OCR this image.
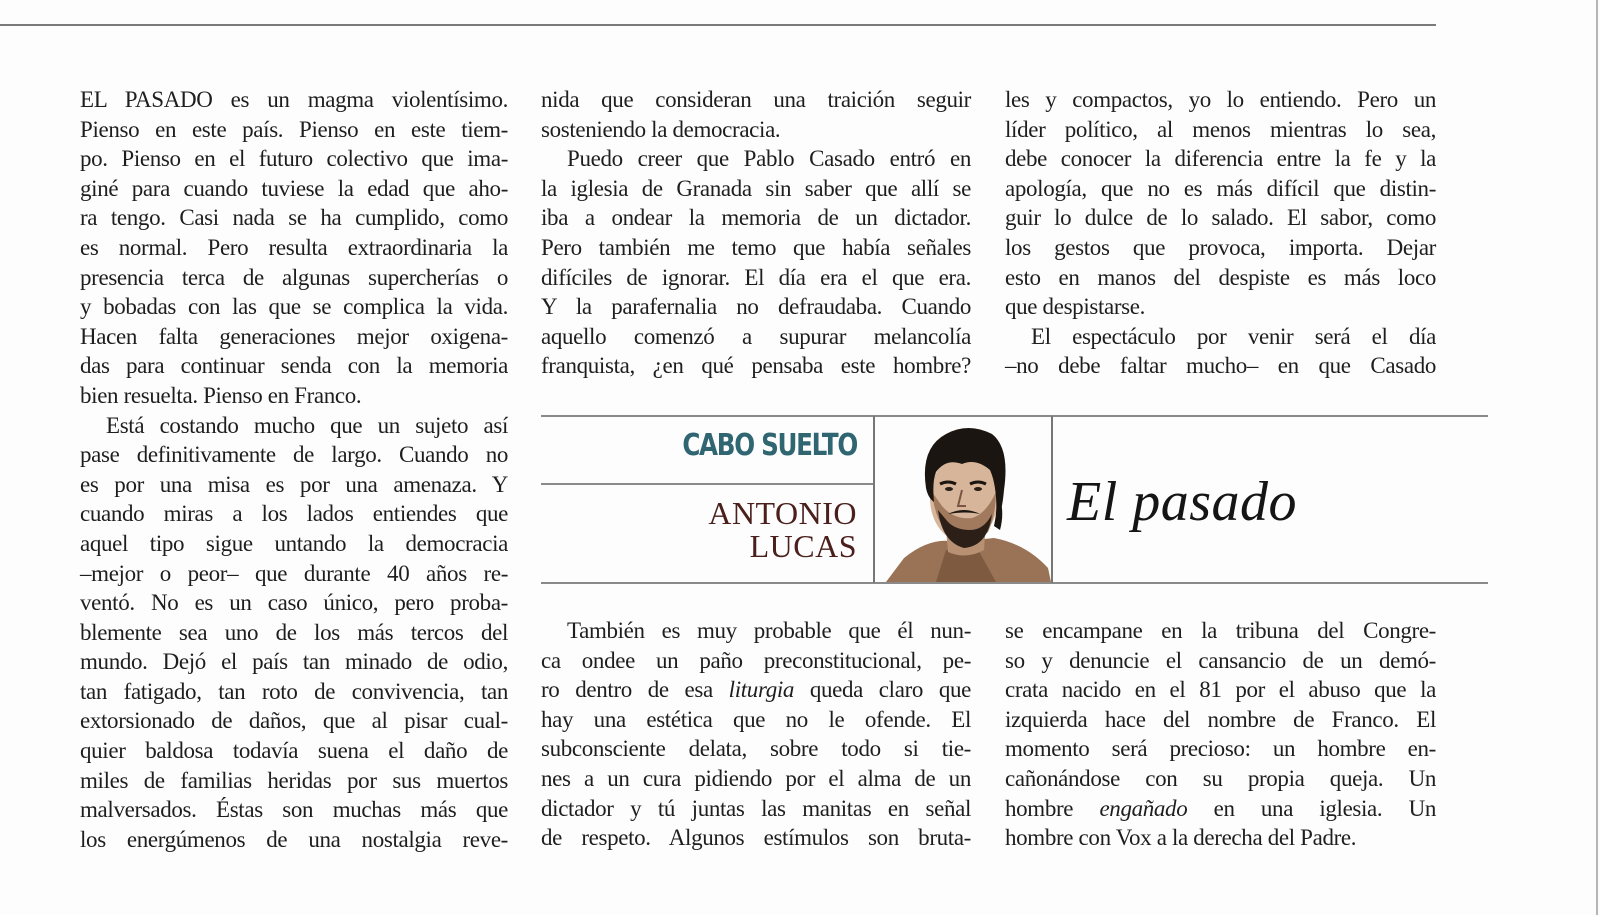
EL PASADO es un magma violentísimo.
Pienso en este país. Pienso en este tiem-
po. Pienso en el futuro colectivo que ima-
giné para cuando tuviese la edad que aho-
ra tengo. Casi nada se ha cumplido, como
es normal. Pero resulta extraordinaria la
presencia terca de algunas supercherías o
y bobadas con las que se complica la vida.
Hacen falta generaciones mejor oxigena-
das para continuar senda con la memoria
bien resuelta. Pienso en Franco.
Está costando mucho que un sujeto así
pase definitivamente de largo. Cuando no
es por una misa es por una amenaza. Y
cuando miras a los lados entiendes que
aquel tipo sigue untando la democracia
–mejor o peor– que durante 40 años re-
ventó. No es un caso único, pero proba-
blemente sea uno de los más tercos del
mundo. Dejó el país tan minado de odio,
tan fatigado, tan roto de convivencia, tan
extorsionado de daños, que al pisar cual-
quier baldosa todavía suena el daño de
miles de familias heridas por sus muertos
malversados. Éstas son muchas más que
los energúmenos de una nostalgia reve-
nida que consideran una traición seguir
sosteniendo la democracia.
Puedo creer que Pablo Casado entró en
la iglesia de Granada sin saber que allí se
iba a ondear la memoria de un dictador.
Pero también me temo que había señales
difíciles de ignorar. El día era el que era.
Y la parafernalia no defraudaba. Cuando
aquello comenzó a supurar melancolía
franquista, ¿en qué pensaba este hombre?
les y compactos, yo lo entiendo. Pero un
líder político, al menos mientras lo sea,
debe conocer la diferencia entre la fe y la
apología, que no es más difícil que distin-
guir lo dulce de lo salado. El sabor, como
los gestos que provoca, importa. Dejar
esto en manos del despiste es más loco
que despistarse.
El espectáculo por venir será el día
–no debe faltar mucho– en que Casado
CABO SUELTO
ANTONIO
LUCAS
El pasado
También es muy probable que él nun-
ca ondee un paño preconstitucional, pe-
ro dentro de esa liturgia queda claro que
hay una estética que no le ofende. El
subconsciente delata, sobre todo si tie-
nes a un cura pidiendo por el alma de un
dictador y tú juntas las manitas en señal
de respeto. Algunos estímulos son bruta-
se encampane en la tribuna del Congre-
so y denuncie el cansancio de un demó-
crata nacido en el 81 por el abuso que la
izquierda hace del nombre de Franco. El
momento será precioso: un hombre en-
cañonándose con su propia queja. Un
hombre engañado en una iglesia. Un
hombre con Vox a la derecha del Padre.
